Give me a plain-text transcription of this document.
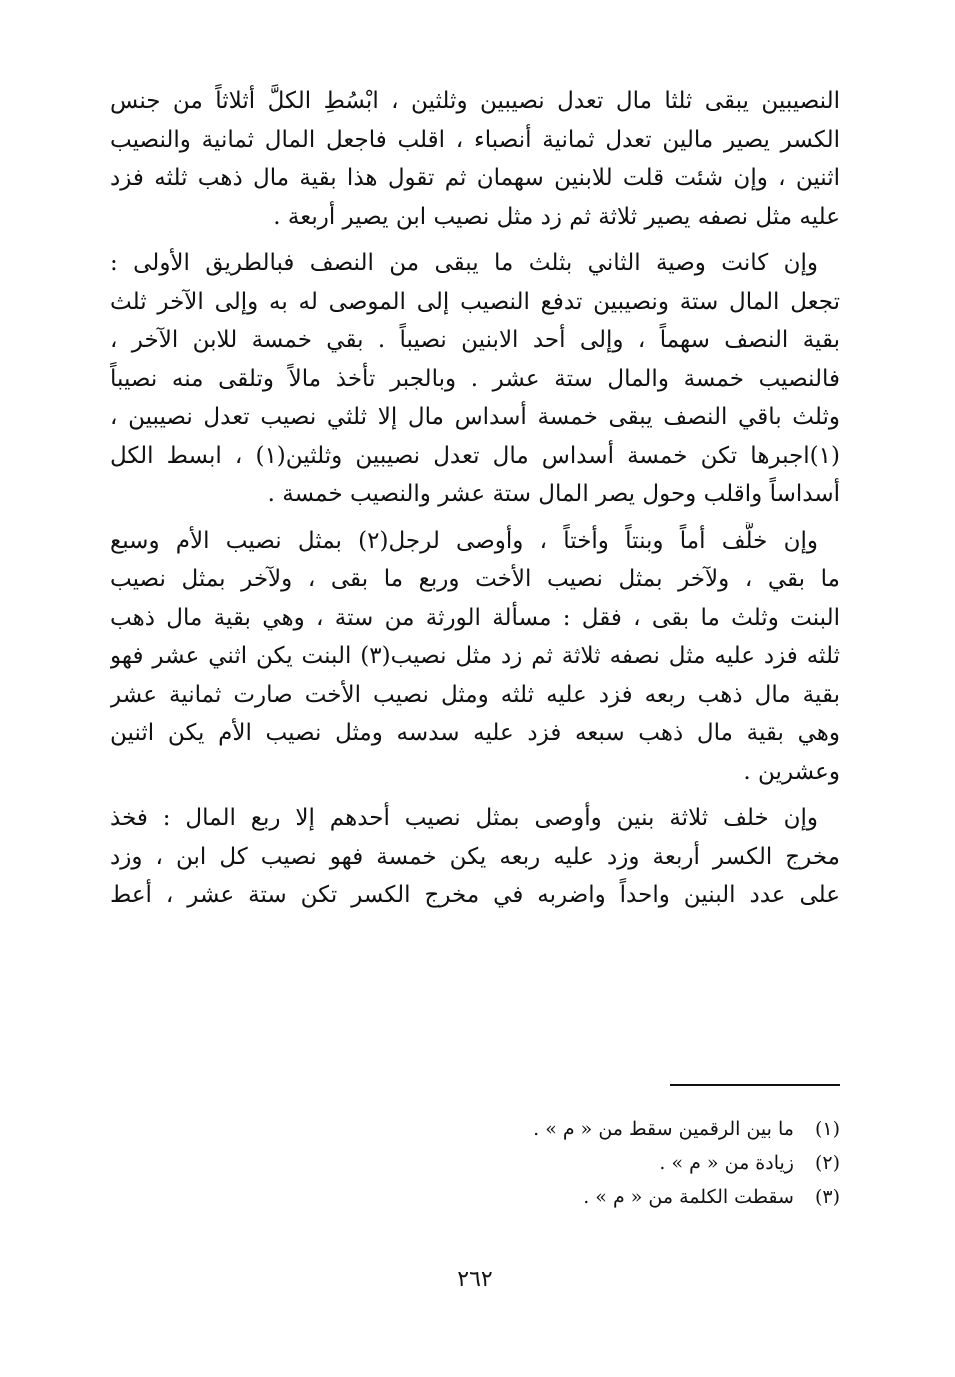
النصيبين يبقى ثلثا مال تعدل نصيبين وثلثين ، ابْسُطِ الكلَّ أثلاثاً من جنس
الكسر يصير مالين تعدل ثمانية أنصباء ، اقلب فاجعل المال ثمانية والنصيب
اثنين ، وإن شئت قلت للابنين سهمان ثم تقول هذا بقية مال ذهب ثلثه فزد
عليه مثل نصفه يصير ثلاثة ثم زد مثل نصيب ابن يصير أربعة .
وإن كانت وصية الثاني بثلث ما يبقى من النصف فبالطريق الأولى :
تجعل المال ستة ونصيبين تدفع النصيب إلى الموصى له به وإلى الآخر ثلث
بقية النصف سهماً ، وإلى أحد الابنين نصيباً . بقي خمسة للابن الآخر ،
فالنصيب خمسة والمال ستة عشر . وبالجبر تأخذ مالاً وتلقى منه نصيباً
وثلث باقي النصف يبقى خمسة أسداس مال إلا ثلثي نصيب تعدل نصيبين ،
(١)اجبرها تكن خمسة أسداس مال تعدل نصيبين وثلثين(١) ، ابسط الكل
أسداساً واقلب وحول يصر المال ستة عشر والنصيب خمسة .
وإن خلَّف أماً وبنتاً وأختاً ، وأوصى لرجل(٢) بمثل نصيب الأم وسبع
ما بقي ، ولآخر بمثل نصيب الأخت وربع ما بقى ، ولآخر بمثل نصيب
البنت وثلث ما بقى ، فقل : مسألة الورثة من ستة ، وهي بقية مال ذهب
ثلثه فزد عليه مثل نصفه ثلاثة ثم زد مثل نصيب(٣) البنت يكن اثني عشر فهو
بقية مال ذهب ربعه فزد عليه ثلثه ومثل نصيب الأخت صارت ثمانية عشر
وهي بقية مال ذهب سبعه فزد عليه سدسه ومثل نصيب الأم يكن اثنين
وعشرين .
وإن خلف ثلاثة بنين وأوصى بمثل نصيب أحدهم إلا ربع المال : فخذ
مخرج الكسر أربعة وزد عليه ربعه يكن خمسة فهو نصيب كل ابن ، وزد
على عدد البنين واحداً واضربه في مخرج الكسر تكن ستة عشر ، أعط
(١) ما بين الرقمين سقط من « م » .
(٢) زيادة من « م » .
(٣) سقطت الكلمة من « م » .
٢٦٢
